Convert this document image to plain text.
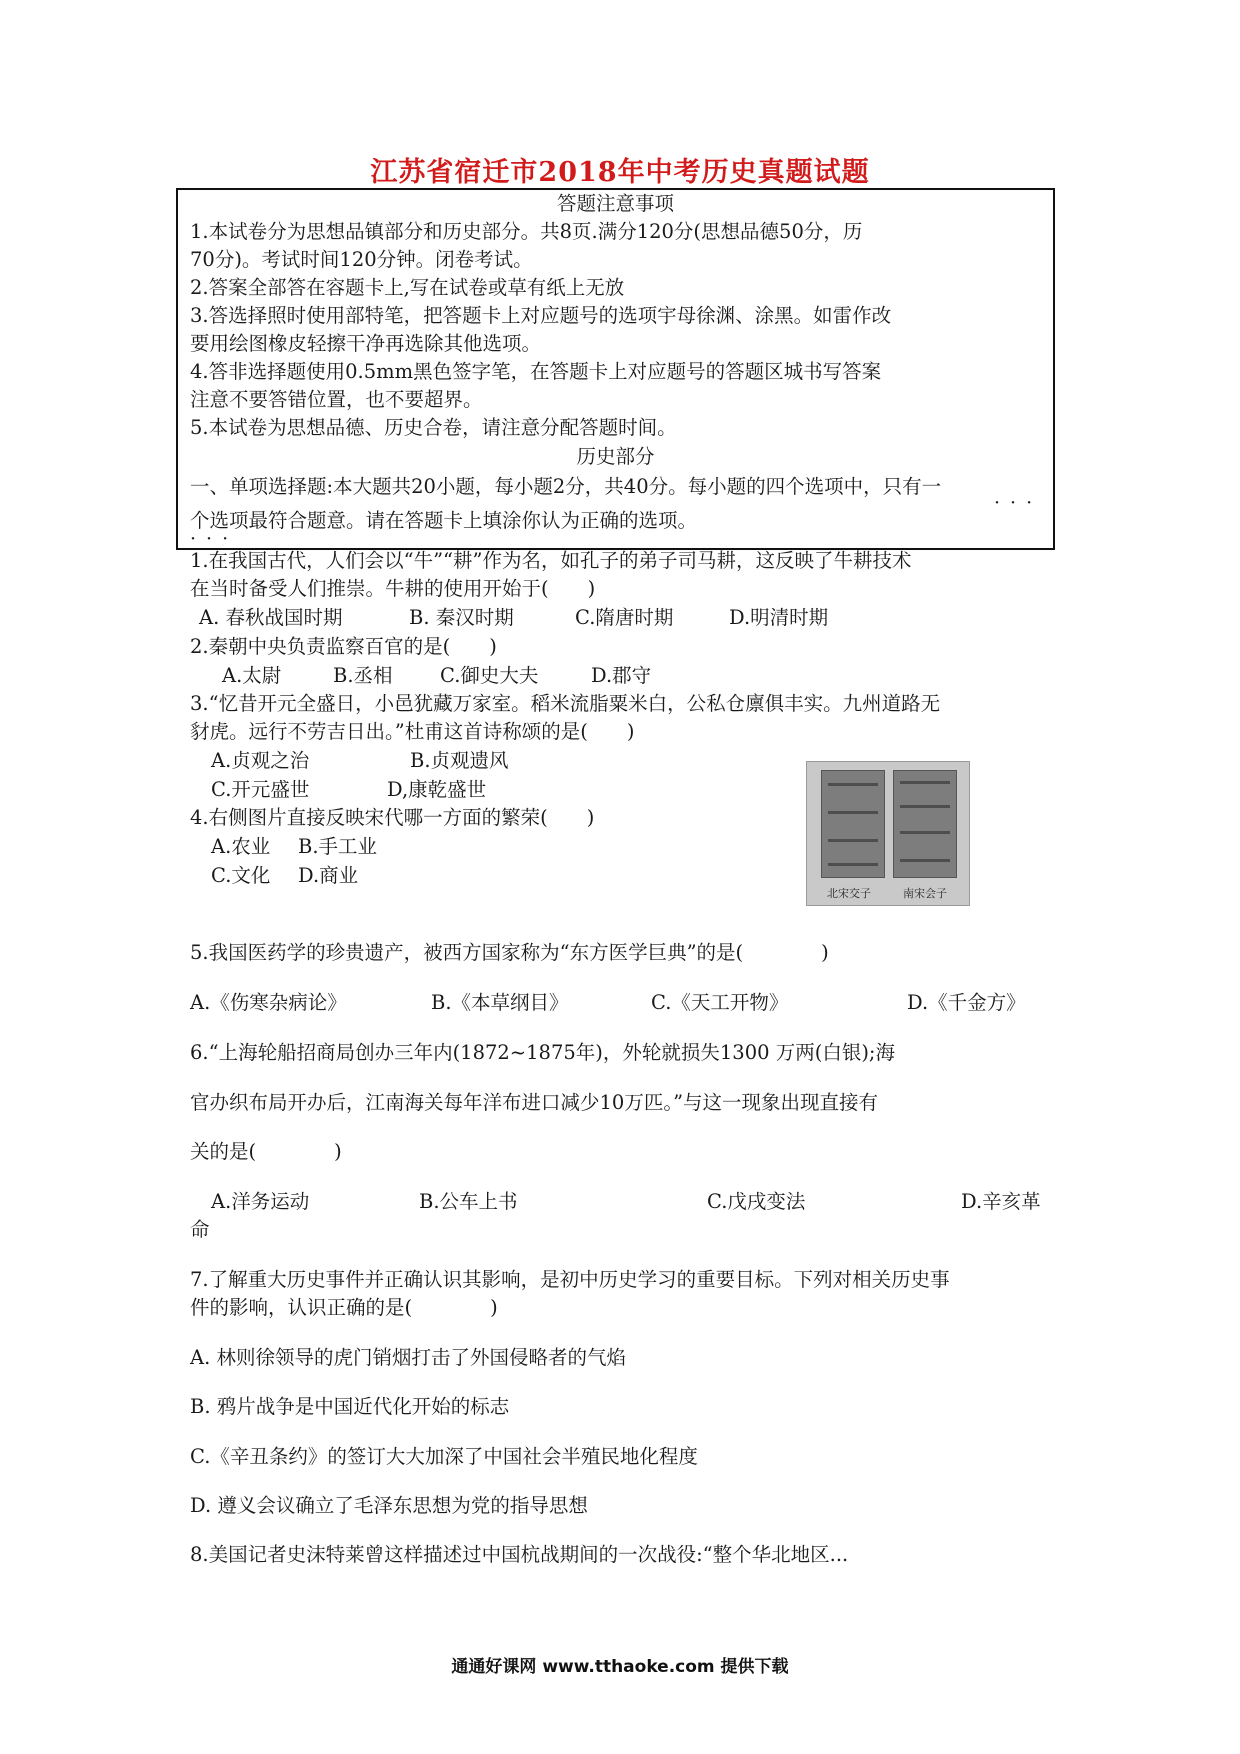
江苏省宿迁市2018年中考历史真题试题
答题注意事项
1.本试卷分为思想品镇部分和历史部分。共8页.满分120分(思想品德50分，历
70分)。考试时间120分钟。闭卷考试。
2.答案全部答在容题卡上,写在试卷或草有纸上无放
3.答选择照时使用部特笔，把答题卡上对应题号的选项宇母徐渊、涂黑。如雷作改
要用绘图橡皮轻擦干净再选除其他选项。
4.答非选择题使用0.5mm黑色签字笔，在答题卡上对应题号的答题区城书写答案
注意不要答错位置，也不要超界。
5.本试卷为思想品德、历史合卷，请注意分配答题时间。
历史部分
一、单项选择题:本大题共20小题，每小题2分，共40分。每小题的四个选项中，只有一
···
个选项最符合题意。请在答题卡上填涂你认为正确的选项。
···
1.在我国古代，人们会以“牛”“耕”作为名，如孔子的弟子司马耕，这反映了牛耕技术
在当时备受人们推崇。牛耕的使用开始于(　　)
A. 春秋战国时期	B. 秦汉时期	C.隋唐时期	D.明清时期
2.秦朝中央负责监察百官的是(　　)
A.太尉	B.丞相 C.御史大夫	D.郡守
3.“忆昔开元全盛日，小邑犹藏万家室。稻米流脂粟米白，公私仓廪俱丰实。九州道路无
豺虎。远行不劳吉日出。”杜甫这首诗称颂的是(　　)
A.贞观之治	B.贞观遗风
C.开元盛世	D,康乾盛世
4.右侧图片直接反映宋代哪一方面的繁荣(　　)
A.农业 B.手工业
C.文化 D.商业
北宋交子	南宋会子
5.我国医药学的珍贵遗产，被西方国家称为“东方医学巨典”的是(　　　　)
A.《伤寒杂病论》	B.《本草纲目》	C.《天工开物》	D.《千金方》
6.“上海轮船招商局创办三年内(1872~1875年)，外轮就损失1300 万两(白银);海
官办织布局开办后，江南海关每年洋布进口减少10万匹。”与这一现象出现直接有
关的是(　　　　)
A.洋务运动	B.公车上书	C.戊戌变法	D.辛亥革
命
7.了解重大历史事件并正确认识其影响，是初中历史学习的重要目标。下列对相关历史事
件的影响，认识正确的是(　　　　)
A. 林则徐领导的虎门销烟打击了外国侵略者的气焰
B. 鸦片战争是中国近代化开始的标志
C.《辛丑条约》的签订大大加深了中国社会半殖民地化程度
D. 遵义会议确立了毛泽东思想为党的指导思想
8.美国记者史沫特莱曾这样描述过中国杭战期间的一次战役:“整个华北地区...
通通好课网 www.tthaoke.com 提供下载
